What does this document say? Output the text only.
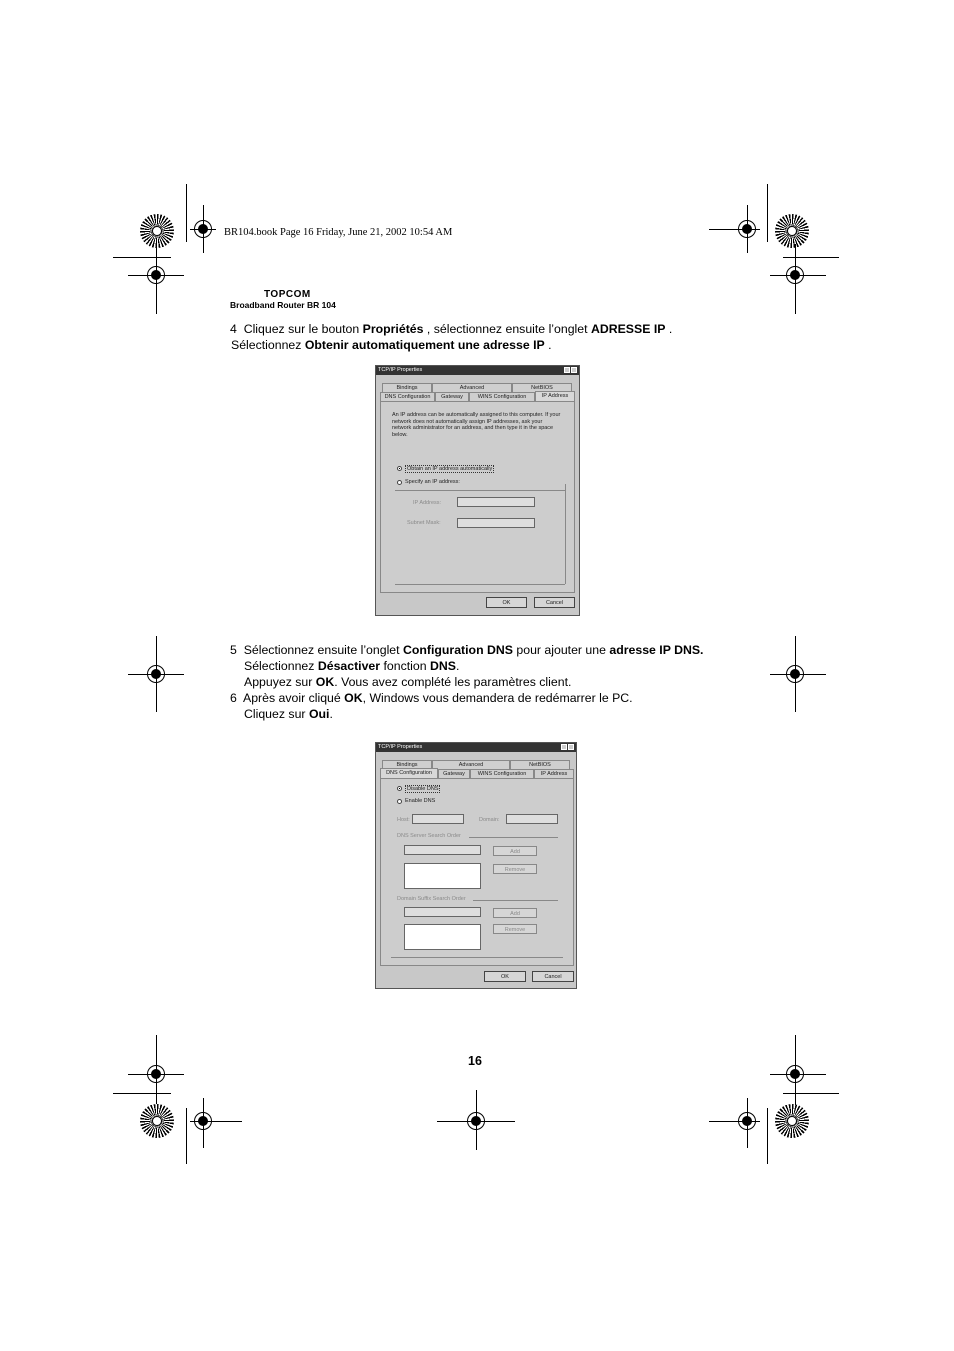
BR104.book Page 16 Friday, June 21, 2002 10:54 AM
TOPCOM
Broadband Router BR 104
4 Cliquez sur le bouton Propriétés , sélectionnez ensuite l’onglet ADRESSE IP .
Sélectionnez Obtenir automatiquement une adresse IP .
TCP/IP Properties
Bindings	Advanced	NetBIOS
DNS Configuration	Gateway	WINS Configuration	IP Address
An IP address can be automatically assigned to this computer. If your network does not automatically assign IP addresses, ask your network administrator for an address, and then type it in the space below.
Obtain an IP address automatically
Specify an IP address:
IP Address:
Subnet Mask:
OK	Cancel
5 Sélectionnez ensuite l’onglet Configuration DNS pour ajouter une adresse IP DNS.
Sélectionnez Désactiver fonction DNS.
Appuyez sur OK. Vous avez complété les paramètres client.
6 Après avoir cliqué OK, Windows vous demandera de redémarrer le PC.
Cliquez sur Oui.
TCP/IP Properties
Bindings	Advanced	NetBIOS
DNS Configuration	Gateway	WINS Configuration	IP Address
Disable DNS
Enable DNS
Host:	Domain:
DNS Server Search Order
Add
Remove
Domain Suffix Search Order
Add
Remove
OK	Cancel
16
